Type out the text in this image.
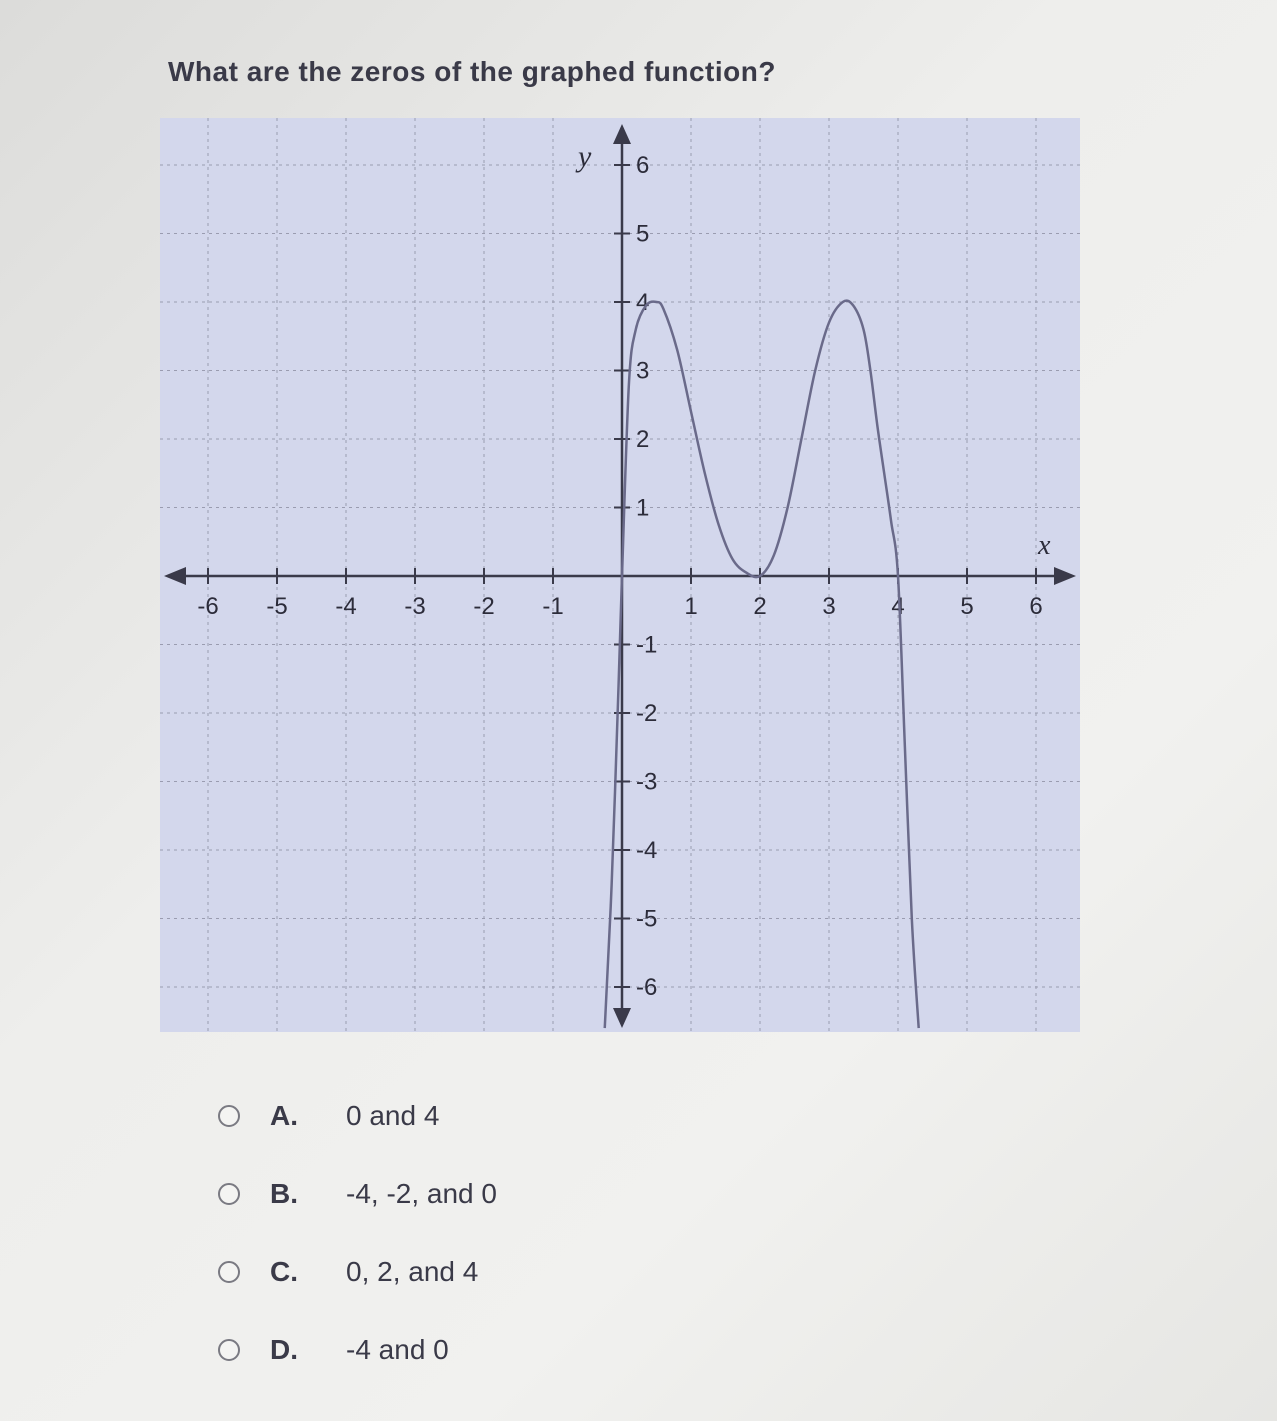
What are the zeros of the graphed function?
-6 -5 -4 -3 -2 -1	1 2 3 4 5 6
6
5
4
3
2
1
-1
-2
-3
-4
-5
-6
x
y
A.	0 and 4
B.	-4, -2, and 0
C.	0, 2, and 4
D.	-4 and 0
